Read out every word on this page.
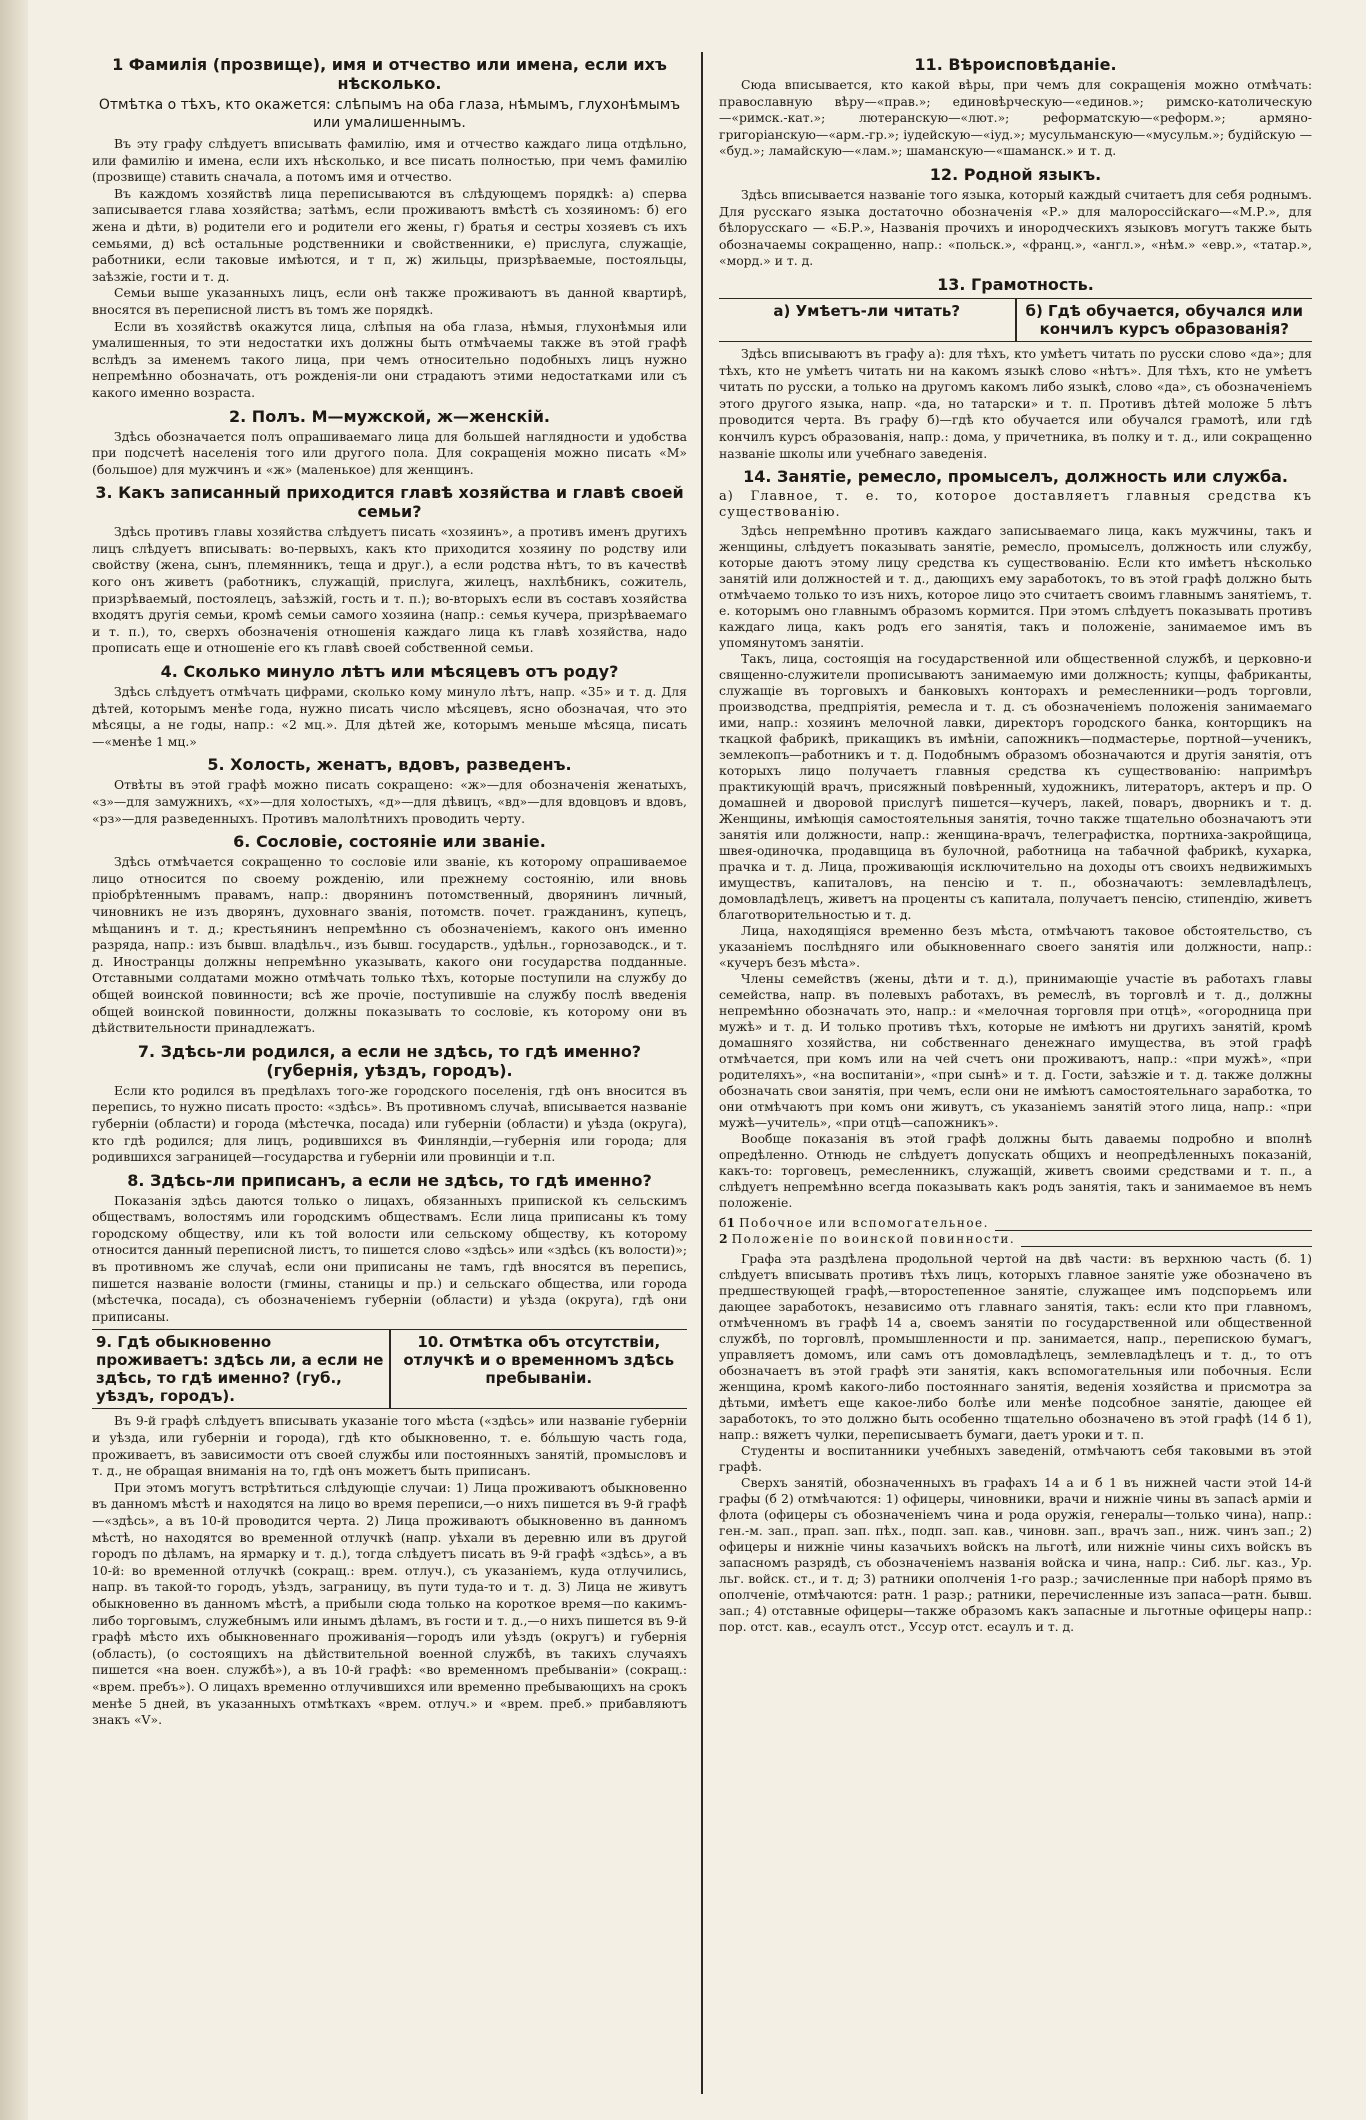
1 Фамилія (прозвище), имя и отчество или имена, если ихъ нѣсколько.
Отмѣтка о тѣхъ, кто окажется: слѣпымъ на оба глаза, нѣмымъ, глухонѣмымъ или умалишеннымъ.

Въ эту графу слѣдуетъ вписывать фамилію, имя и отчество каждаго лица отдѣльно, или фамилію и имена, если ихъ нѣсколько, и все писать полностью, при чемъ фамилію (прозвище) ставить сначала, а потомъ имя и отчество.

Въ каждомъ хозяйствѣ лица переписываются въ слѣдующемъ порядкѣ: а) сперва записывается глава хозяйства; затѣмъ, если проживаютъ вмѣстѣ съ хозяиномъ: б) его жена и дѣти, в) родители его и родители его жены, г) братья и сестры хозяевъ съ ихъ семьями, д) всѣ остальные родственники и свойственники, е) прислуга, служащіе, работники, если таковые имѣются, и т п, ж) жильцы, призрѣваемые, постояльцы, заѣзжіе, гости и т. д.

Семьи выше указанныхъ лицъ, если онѣ также проживаютъ въ данной квартирѣ, вносятся въ переписной листъ въ томъ же порядкѣ.

Если въ хозяйствѣ окажутся лица, слѣпыя на оба глаза, нѣмыя, глухонѣмыя или умалишенныя, то эти недостатки ихъ должны быть отмѣчаемы также въ этой графѣ вслѣдъ за именемъ такого лица, при чемъ относительно подобныхъ лицъ нужно непремѣнно обозначать, отъ рожденія-ли они страдаютъ этими недостатками или съ какого именно возраста.

2. Полъ. М—мужской, ж—женскій.

Здѣсь обозначается полъ опрашиваемаго лица для большей наглядности и удобства при подсчетѣ населенія того или другого пола. Для сокращенія можно писать «М» (большое) для мужчинъ и «ж» (маленькое) для женщинъ.

3. Какъ записанный приходится главѣ хозяйства и главѣ своей семьи?

Здѣсь противъ главы хозяйства слѣдуетъ писать «хозяинъ», а противъ именъ другихъ лицъ слѣдуетъ вписывать: во-первыхъ, какъ кто приходится хозяину по родству или свойству (жена, сынъ, племянникъ, теща и друг.), а если родства нѣтъ, то въ качествѣ кого онъ живетъ (работникъ, служащій, прислуга, жилецъ, нахлѣбникъ, сожитель, призрѣваемый, постоялецъ, заѣзжій, гость и т. п.); во-вторыхъ если въ составъ хозяйства входятъ другія семьи, кромѣ семьи самого хозяина (напр.: семья кучера, призрѣваемаго и т. п.), то, сверхъ обозначенія отношенія каждаго лица къ главѣ хозяйства, надо прописать еще и отношеніе его къ главѣ своей собственной семьи.

4. Сколько минуло лѣтъ или мѣсяцевъ отъ роду?

Здѣсь слѣдуетъ отмѣчать цифрами, сколько кому минуло лѣтъ, напр. «35» и т. д. Для дѣтей, которымъ менѣе года, нужно писать число мѣсяцевъ, ясно обозначая, что это мѣсяцы, а не годы, напр.: «2 мц.». Для дѣтей же, которымъ меньше мѣсяца, писать—«менѣе 1 мц.»

5. Холость, женатъ, вдовъ, разведенъ.

Отвѣты въ этой графѣ можно писать сокращено: «ж»—для обозначенія женатыхъ, «з»—для замужнихъ, «х»—для холостыхъ, «д»—для дѣвицъ, «вд»—для вдовцовъ и вдовъ, «рз»—для разведенныхъ. Противъ малолѣтнихъ проводить черту.

6. Сословіе, состояніе или званіе.

Здѣсь отмѣчается сокращенно то сословіе или званіе, къ которому опрашиваемое лицо относится по своему рожденію, или прежнему состоянію, или вновь пріобрѣтеннымъ правамъ, напр.: дворянинъ потомственный, дворянинъ личный, чиновникъ не изъ дворянъ, духовнаго званія, потомств. почет. гражданинъ, купецъ, мѣщанинъ и т. д.; крестьянинъ непремѣнно съ обозначеніемъ, какого онъ именно разряда, напр.: изъ бывш. владѣльч., изъ бывш. государств., удѣльн., горнозаводск., и т. д. Иностранцы должны непремѣнно указывать, какого они государства подданные. Отставными солдатами можно отмѣчать только тѣхъ, которые поступили на службу до общей воинской повинности; всѣ же прочіе, поступившіе на службу послѣ введенія общей воинской повинности, должны показывать то сословіе, къ которому они въ дѣйствительности принадлежатъ.

7. Здѣсь-ли родился, а если не здѣсь, то гдѣ именно? (губернія, уѣздъ, городъ).

Если кто родился въ предѣлахъ того-же городского поселенія, гдѣ онъ вносится въ перепись, то нужно писать просто: «здѣсь». Въ противномъ случаѣ, вписывается названіе губерніи (области) и города (мѣстечка, посада) или губерніи (области) и уѣзда (округа), кто гдѣ родился; для лицъ, родившихся въ Финляндіи,—губернія или города; для родившихся заграницей—государства и губерніи или провинціи и т.п.

8. Здѣсь-ли приписанъ, а если не здѣсь, то гдѣ именно?

Показанія здѣсь даются только о лицахъ, обязанныхъ припиской къ сельскимъ обществамъ, волостямъ или городскимъ обществамъ. Если лица приписаны къ тому городскому обществу, или къ той волости или сельскому обществу, къ которому относится данный переписной листъ, то пишется слово «здѣсь» или «здѣсь (къ волости)»; въ противномъ же случаѣ, если они приписаны не тамъ, гдѣ вносятся въ перепись, пишется названіе волости (гмины, станицы и пр.) и сельскаго общества, или города (мѣстечка, посада), съ обозначеніемъ губерніи (области) и уѣзда (округа), гдѣ они приписаны.

9. Гдѣ обыкновенно проживаетъ: здѣсь ли, а если не здѣсь, то гдѣ именно? (губ., уѣздъ, городъ).
10. Отмѣтка объ отсутствіи, отлучкѣ и о временномъ здѣсь пребываніи.

Въ 9-й графѣ слѣдуетъ вписывать указаніе того мѣста («здѣсь» или названіе губерніи и уѣзда, или губерніи и города), гдѣ кто обыкновенно, т. е. бо́льшую часть года, проживаетъ, въ зависимости отъ своей службы или постоянныхъ занятій, промысловъ и т. д., не обращая вниманія на то, гдѣ онъ можетъ быть приписанъ.

При этомъ могутъ встрѣтиться слѣдующіе случаи: 1) Лица проживаютъ обыкновенно въ данномъ мѣстѣ и находятся на лицо во время переписи,—о нихъ пишется въ 9-й графѣ—«здѣсь», а въ 10-й проводится черта. 2) Лица проживаютъ обыкновенно въ данномъ мѣстѣ, но находятся во временной отлучкѣ (напр. уѣхали въ деревню или въ другой городъ по дѣламъ, на ярмарку и т. д.), тогда слѣдуетъ писать въ 9-й графѣ «здѣсь», а въ 10-й: во временной отлучкѣ (сокращ.: врем. отлуч.), съ указаніемъ, куда отлучились, напр. въ такой-то городъ, уѣздъ, заграницу, въ пути туда-то и т. д. 3) Лица не живутъ обыкновенно въ данномъ мѣстѣ, а прибыли сюда только на короткое время—по какимъ-либо торговымъ, служебнымъ или инымъ дѣламъ, въ гости и т. д.,—о нихъ пишется въ 9-й графѣ мѣсто ихъ обыкновеннаго проживанія—городъ или уѣздъ (округъ) и губернія (область), (о состоящихъ на дѣйствительной военной службѣ, въ такихъ случаяхъ пишется «на воен. службѣ»), а въ 10-й графѣ: «во временномъ пребываніи» (сокращ.: «врем. пребъ»). О лицахъ временно отлучившихся или временно пребывающихъ на срокъ менѣе 5 дней, въ указанныхъ отмѣткахъ «врем. отлуч.» и «врем. преб.» прибавляютъ знакъ «V».

11. Вѣроисповѣданіе.

Сюда вписывается, кто какой вѣры, при чемъ для сокращенія можно отмѣчать: православную вѣру—«прав.»; единовѣрческую—«единов.»; римско-католическую—«римск.-кат.»; лютеранскую—«лют.»; реформатскую—«реформ.»; армяно-григоріанскую—«арм.-гр.»; іудейскую—«іуд.»; мусульманскую—«мусульм.»; будійскую — «буд.»; ламайскую—«лам.»; шаманскую—«шаманск.» и т. д.

12. Родной языкъ.

Здѣсь вписывается названіе того языка, который каждый считаетъ для себя роднымъ. Для русскаго языка достаточно обозначенія «Р.» для малороссійскаго—«М.Р.», для бѣлорусскаго — «Б.Р.», Названія прочихъ и инородческихъ языковъ могутъ также быть обозначаемы сокращенно, напр.: «польск.», «франц.», «англ.», «нѣм.» «евр.», «татар.», «морд.» и т. д.

13. Грамотность.
а) Умѣетъ-ли читать?	б) Гдѣ обучается, обучался или кончилъ курсъ образованія?

Здѣсь вписываютъ въ графу а): для тѣхъ, кто умѣетъ читать по русски слово «да»; для тѣхъ, кто не умѣетъ читать ни на какомъ языкѣ слово «нѣтъ». Для тѣхъ, кто не умѣетъ читать по русски, а только на другомъ какомъ либо языкѣ, слово «да», съ обозначеніемъ этого другого языка, напр. «да, но татарски» и т. п. Противъ дѣтей моложе 5 лѣтъ проводится черта. Въ графу б)—гдѣ кто обучается или обучался грамотѣ, или гдѣ кончилъ курсъ образованія, напр.: дома, у причетника, въ полку и т. д., или сокращенно названіе школы или учебнаго заведенія.

14. Занятіе, ремесло, промыселъ, должность или служба.

а) Главное, т. е. то, которое доставляетъ главныя средства къ существованію.

Здѣсь непремѣнно противъ каждаго записываемаго лица, какъ мужчины, такъ и женщины, слѣдуетъ показывать занятіе, ремесло, промыселъ, должность или службу, которые даютъ этому лицу средства къ существованію. Если кто имѣетъ нѣсколько занятій или должностей и т. д., дающихъ ему заработокъ, то въ этой графѣ должно быть отмѣчаемо только то изъ нихъ, которое лицо это считаетъ своимъ главнымъ занятіемъ, т. е. которымъ оно главнымъ образомъ кормится. При этомъ слѣдуетъ показывать противъ каждаго лица, какъ родъ его занятія, такъ и положеніе, занимаемое имъ въ упомянутомъ занятіи.

Такъ, лица, состоящія на государственной или общественной службѣ, и церковно-и священно-служители прописываютъ занимаемую ими должность; купцы, фабриканты, служащіе въ торговыхъ и банковыхъ конторахъ и ремесленники—родъ торговли, производства, предпріятія, ремесла и т. д. съ обозначеніемъ положенія занимаемаго ими, напр.: хозяинъ мелочной лавки, директоръ городского банка, конторщикъ на ткацкой фабрикѣ, прикащикъ въ имѣніи, сапожникъ—подмастерье, портной—ученикъ, землекопъ—работникъ и т. д. Подобнымъ образомъ обозначаются и другія занятія, отъ которыхъ лицо получаетъ главныя средства къ существованію: напримѣръ практикующій врачъ, присяжный повѣренный, художникъ, литераторъ, актеръ и пр. О домашней и дворовой прислугѣ пишется—кучеръ, лакей, поваръ, дворникъ и т. д. Женщины, имѣющія самостоятельныя занятія, точно также тщательно обозначаютъ эти занятія или должности, напр.: женщина-врачъ, телеграфистка, портниха-закройщица, швея-одиночка, продавщица въ булочной, работница на табачной фабрикѣ, кухарка, прачка и т. д. Лица, проживающія исключительно на доходы отъ своихъ недвижимыхъ имуществъ, капиталовъ, на пенсію и т. п., обозначаютъ: землевладѣлецъ, домовладѣлецъ, живетъ на проценты съ капитала, получаетъ пенсію, стипендію, живетъ благотворительностью и т. д.

Лица, находящіяся временно безъ мѣста, отмѣчаютъ таковое обстоятельство, съ указаніемъ послѣдняго или обыкновеннаго своего занятія или должности, напр.: «кучеръ безъ мѣста».

Члены семействъ (жены, дѣти и т. д.), принимающіе участіе въ работахъ главы семейства, напр. въ полевыхъ работахъ, въ ремеслѣ, въ торговлѣ и т. д., должны непремѣнно обозначать это, напр.: и «мелочная торговля при отцѣ», «огородница при мужѣ» и т. д. И только противъ тѣхъ, которые не имѣютъ ни другихъ занятій, кромѣ домашняго хозяйства, ни собственнаго денежнаго имущества, въ этой графѣ отмѣчается, при комъ или на чей счетъ они проживаютъ, напр.: «при мужѣ», «при родителяхъ», «на воспитаніи», «при сынѣ» и т. д. Гости, заѣзжіе и т. д. также должны обозначать свои занятія, при чемъ, если они не имѣютъ самостоятельнаго заработка, то они отмѣчаютъ при комъ они живутъ, съ указаніемъ занятій этого лица, напр.: «при мужѣ—учитель», «при отцѣ—сапожникъ».

Вообще показанія въ этой графѣ должны быть даваемы подробно и вполнѣ опредѣленно. Отнюдь не слѣдуетъ допускать общихъ и неопредѣленныхъ показаній, какъ-то: торговецъ, ремесленникъ, служащій, живетъ своими средствами и т. п., а слѣдуетъ непремѣнно всегда показывать какъ родъ занятія, такъ и занимаемое въ немъ положеніе.

б 1 Побочное или вспомогательное.
2 Положеніе по воинской повинности.

Графа эта раздѣлена продольной чертой на двѣ части: въ верхнюю часть (б. 1) слѣдуетъ вписывать противъ тѣхъ лицъ, которыхъ главное занятіе уже обозначено въ предшествующей графѣ,—второстепенное занятіе, служащее имъ подспорьемъ или дающее заработокъ, независимо отъ главнаго занятія, такъ: если кто при главномъ, отмѣченномъ въ графѣ 14 а, своемъ занятіи по государственной или общественной службѣ, по торговлѣ, промышленности и пр. занимается, напр., перепискою бумагъ, управляетъ домомъ, или самъ отъ домовладѣлецъ, землевладѣлецъ и т. д., то отъ обозначаетъ въ этой графѣ эти занятія, какъ вспомогательныя или побочныя. Если женщина, кромѣ какого-либо постояннаго занятія, веденія хозяйства и присмотра за дѣтьми, имѣетъ еще какое-либо болѣе или менѣе подсобное занятіе, дающее ей заработокъ, то это должно быть особенно тщательно обозначено въ этой графѣ (14 б 1), напр.: вяжетъ чулки, переписываетъ бумаги, даетъ уроки и т. п.

Студенты и воспитанники учебныхъ заведеній, отмѣчаютъ себя таковыми въ этой графѣ.

Сверхъ занятій, обозначенныхъ въ графахъ 14 а и б 1 въ нижней части этой 14-й графы (б 2) отмѣчаются: 1) офицеры, чиновники, врачи и нижніе чины въ запасѣ арміи и флота (офицеры съ обозначеніемъ чина и рода оружія, генералы—только чина), напр.: ген.-м. зап., прап. зап. пѣх., подп. зап. кав., чиновн. зап., врачъ зап., ниж. чинъ зап.; 2) офицеры и нижніе чины казачьихъ войскъ на льготѣ, или нижніе чины сихъ войскъ въ запасномъ разрядѣ, съ обозначеніемъ названія войска и чина, напр.: Сиб. льг. каз., Ур. льг. войск. ст., и т. д; 3) ратники ополченія 1-го разр.; зачисленные при наборѣ прямо въ ополченіе, отмѣчаются: ратн. 1 разр.; ратники, перечисленные изъ запаса—ратн. бывш. зап.; 4) отставные офицеры—также образомъ какъ запасные и льготные офицеры напр.: пор. отст. кав., есаулъ отст., Уссур отст. есаулъ и т. д.
